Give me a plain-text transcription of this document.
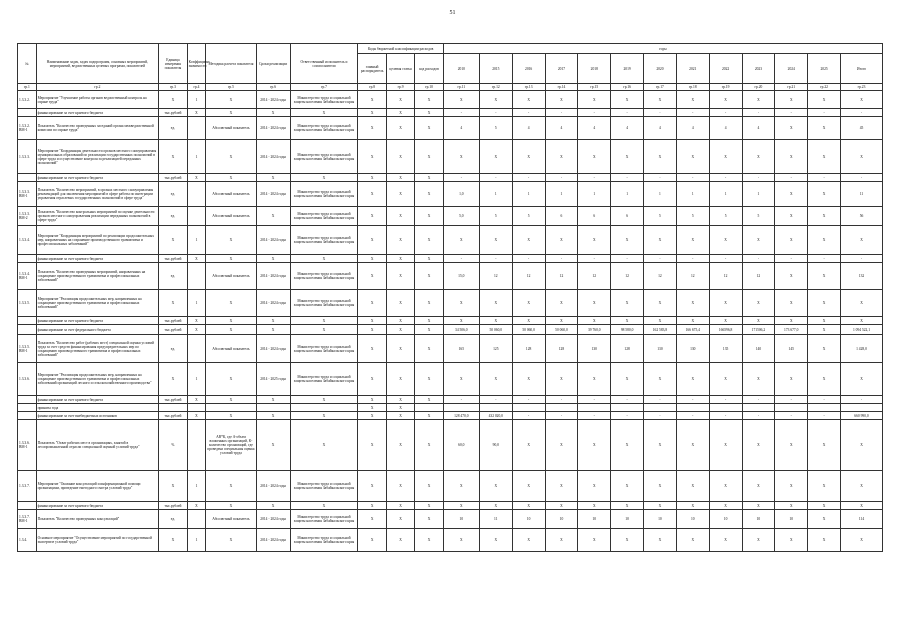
51
№	Наименование задач, задач подпрограмм, основных мероприятий, мероприятий, ведомственных целевых программ, показателей	Единица измерения показателя	Коэффициент значимости	Методика расчета показателя	Сроки реализации	Ответственный исполнитель и соисполнители	Коды бюджетной классификации расходов			годы												
							главный распорядитель	целевая статья	код расходов	2010	2015	2016	2017	2018	2019	2020	2021	2022	2023	2024	2025	Итого
гр.1	гр.2	гр.3	гр.4	гр.5	гр.6	гр.7	гр.8	гр.9	гр.10	гр.11	гр.12	гр.13	гр.14	гр.15	гр.16	гр.17	гр.18	гр.19	гр.20	гр.21	гр.22	гр.23
1.3.3.2.	Мероприятие "Улучшение работы органов ведомственный контроль на охране труда"	X	1	X	2014 - 2024 годы	Министерство труда и социальной защиты населения Забайкальского края	X	X	X	X	X	X	X	X	X	X	X	X	X	X	X	X
	финансирование за счет краевого бюджета	тыс.рублей	X	X	X	X	X	X	X	-	-	-	-	-	-	-	-	-	-	-	-	-
1.3.3.2. ВМ-1	Показатель "Количество проведенных заседаний органа межведомственной комиссии по охране труда"	ед.		Абсолютный показатель	2014 - 2024 годы	Министерство труда и социальной защиты населения Забайкальского края	X	X	X	4	5	4	4	4	4	4	4	4	4	X	X	45
1.3.3.3.	Мероприятие "Координация деятельности органов местного самоуправления муниципальных образований по реализации государственных полномочий в сфере труда и осуществление контроля за реализацией переданных полномочий"	X	1	X	2014 - 2024 годы	Министерство труда и социальной защиты населения Забайкальского края	X	X	X	X	X	X	X	X	X	X	X	X	X	X	X	X
	финансирование за счет краевого бюджета	тыс.рублей	X	X	X	X	X	X	X	-	-	-	-	-	-	-	-	-	-	-	-	-
1.3.3.3. ВМ-1	Показатель "Количество мероприятий, в органах местного самоуправления рекомендаций для заключения мероприятий в сфере работы по интеграции управления отраслевых государственных полномочий в сфере труда"	ед.		Абсолютный показатель	2014 - 2024 годы	Министерство труда и социальной защиты населения Забайкальского края	X	X	X	1,0	1	1	1	1	1	1	1	1	1	X	X	11
1.3.3.3. ВМ-2	Показатель "Количество контрольных мероприятий по оценке деятельности органов местного самоуправления реализации переданных полномочий в сфере труда"	ед.		Абсолютный показатель	X	Министерство труда и социальной защиты населения Забайкальского края	X	X	X	5,0	5	5	6	6	6	5	5	5	5	X	X	56
1.3.3.4.	Мероприятие "Координация мероприятий по реализации продолжительных мер, направленных на сохранение производственного травматизма и профессиональных заболеваний"	X	1	X	2014 - 2024 годы	Министерство труда и социальной защиты населения Забайкальского края	X	X	X	X	X	X	X	X	X	X	X	X	X	X	X	X
	финансирование за счет краевого бюджета	тыс.рублей	X	X	X	X	X	X	X	-	-	-	-	-	-	-	-	-	-	-	-	-
1.3.3.4. ВМ-1	Показатель "Количество проведенных мероприятий, направленных на сокращение производственного травматизма и профессиональных заболеваний"	ед.		Абсолютный показатель	2014 - 2024 годы	Министерство труда и социальной защиты населения Забайкальского края	X	X	X	15,0	12	12	12	12	12	12	12	12	12	X	X	132
1.3.3.5.	Мероприятие "Реализация продолжительных мер, направленных на сокращение производственного травматизма и профессиональных заболеваний"	X	1	X	2014 - 2024 годы	Министерство труда и социальной защиты населения Забайкальского края	X	X	X	X	X	X	X	X	X	X	X	X	X	X	X	X
	финансирование за счет краевого бюджета	тыс.рублей	X	X	X	X	X	X	X	X	X	X	X	X	X	X	X	X	X	X	X	X
	финансирование за счет федерального бюджета	тыс.рублей	X	X	X	X	X	X	X	34 506,0	50 060,0	50 060,0	50 060,0	39 760,0	98 580,0	162 583,8	166 675,4	166596,8	171506,2	173 677,0	X	1 094 522,1
1.3.3.5. ВМ-1	Показатель "Количество работ (рабочих мест) специальной оценки условий труда за счет средств финансирования предупредительных мер по сокращению производственного травматизма и профессиональных заболеваний"	ед.		Абсолютный показатель	2014 - 2024 годы	Министерство труда и социальной защиты населения Забайкальского края	X	X	X	165	125	128	128	130	128	130	130	135	140	145	X	1 428,0
1.3.3.6.	Мероприятие "Реализация продолжительных мер, направленных на сокращение производственного травматизма и профессиональных заболеваний организаций лесного и сельскохозяйственного производства"	X	1	X	2014 - 2025 годы	Министерство труда и социальной защиты населения Забайкальского края	X	X	X	X	X	X	X	X	X	X	X	X	X	X	X	X
	финансирование за счет краевого бюджета	тыс.рублей	X	X	X	X	X	X	X	-	-	-	-	-	-	-	-	-	-	-	-	-
	приняты года						X	X														
	финансирование за счет внебюджетных источников	тыс.рублей	X	X	X	X	X	X	X	128 470,0	432 020,0	-	-	-	-	-	-	-	-	-	-	660 990,0
1.3.3.6. ВМ-1	Показатель "Охват рабочих мест в организациях, занятой в лесопромышленной отрасли специальной оценкой условий труда"	%		АВ*К, где А-объем вложенных организаций, К-количество организаций, где проведена специальная оценка условий труда	X	X	X	X	X	60,0	90,0	X	X	X	X	X	X	X	X	X	X	X
1.3.3.7.	Мероприятие "Оказание консультаций и информационной помощи организациям, проведение ежегодного смотра условий труда"	X	1	X	2014 - 2024 годы	Министерство труда и социальной защиты населения Забайкальского края	X	X	X	X	X	X	X	X	X	X	X	X	X	X	X	X
	финансирование за счет краевого бюджета	тыс.рублей	X	X	X	X	X	X	X	X	X	X	X	X	X	X	X	X	X	X	X	X
1.3.3.7. ВМ-1	Показатель "Количество проведенных консультаций"	ед.		Абсолютный показатель	2014 - 2024 годы	Министерство труда и социальной защиты населения Забайкальского края	X	X	X	10	11	10	10	10	10	10	10	10	10	10	X	114
1.3.4.	Основное мероприятие "Осуществление мероприятий по государственной экспертизе условий труда"	X	1	X	2014 - 2024 годы	Министерство труда и социальной защиты населения Забайкальского края	X	X	X	X	X	X	X	X	X	X	X	X	X	X	X	X
